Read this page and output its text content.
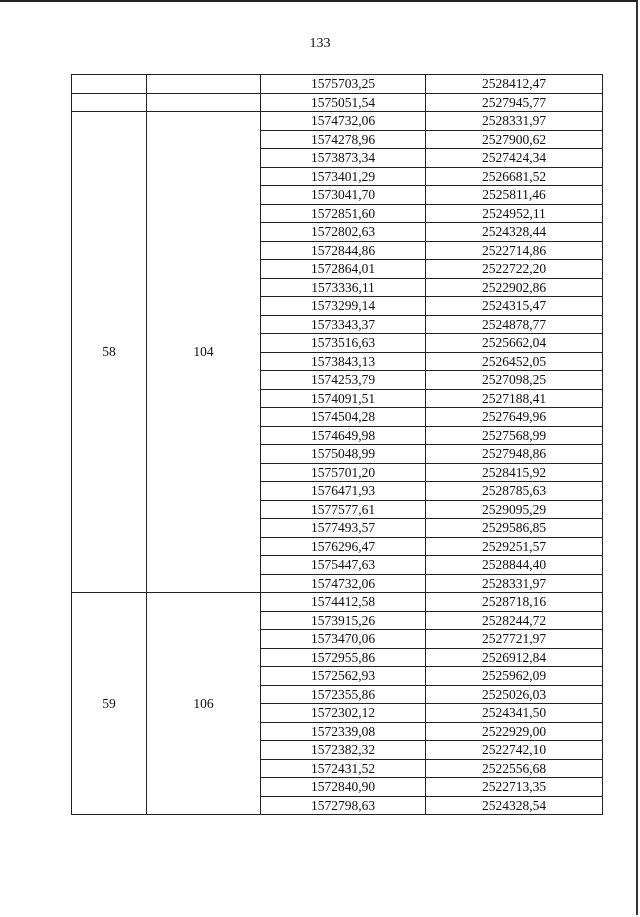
133
		1575703,25	2528412,47
		1575051,54	2527945,77
58	104	1574732,06	2528331,97
		1574278,96	2527900,62
		1573873,34	2527424,34
		1573401,29	2526681,52
		1573041,70	2525811,46
		1572851,60	2524952,11
		1572802,63	2524328,44
		1572844,86	2522714,86
		1572864,01	2522722,20
		1573336,11	2522902,86
		1573299,14	2524315,47
		1573343,37	2524878,77
		1573516,63	2525662,04
		1573843,13	2526452,05
		1574253,79	2527098,25
		1574091,51	2527188,41
		1574504,28	2527649,96
		1574649,98	2527568,99
		1575048,99	2527948,86
		1575701,20	2528415,92
		1576471,93	2528785,63
		1577577,61	2529095,29
		1577493,57	2529586,85
		1576296,47	2529251,57
		1575447,63	2528844,40
		1574732,06	2528331,97
59	106	1574412,58	2528718,16
		1573915,26	2528244,72
		1573470,06	2527721,97
		1572955,86	2526912,84
		1572562,93	2525962,09
		1572355,86	2525026,03
		1572302,12	2524341,50
		1572339,08	2522929,00
		1572382,32	2522742,10
		1572431,52	2522556,68
		1572840,90	2522713,35
		1572798,63	2524328,54
